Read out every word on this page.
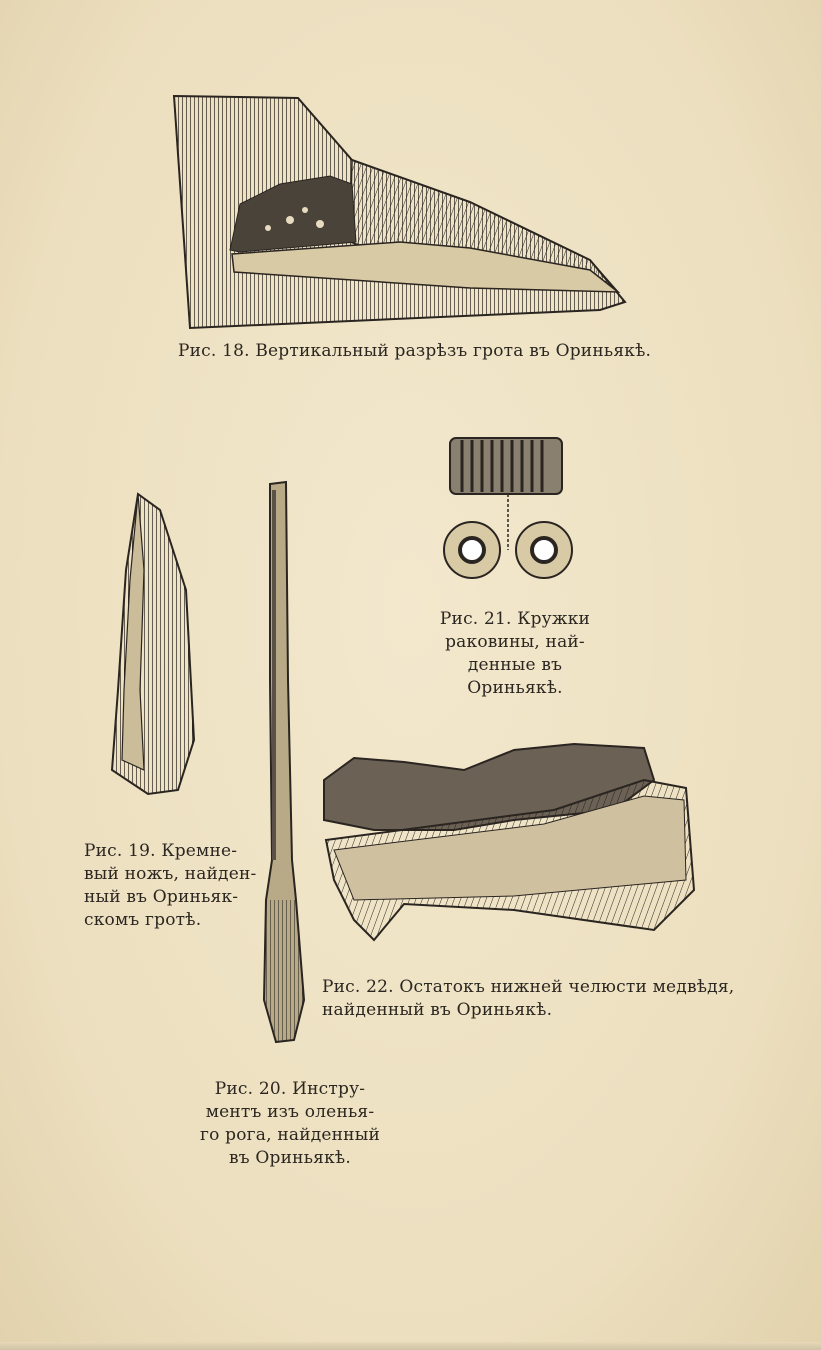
Рис. 18. Вертикальный разрѣзъ грота въ Ориньякѣ.
Рис. 21. Кружки
раковины, най-
денные въ
Ориньякѣ.
Рис. 19. Кремне-
вый ножъ, найден-
ный въ Ориньяк-
скомъ гротѣ.
Рис. 20. Инстру-
ментъ изъ оленья-
го рога, найденный
въ Ориньякѣ.
Рис. 22. Остатокъ нижней челюсти медвѣдя,
найденный въ Ориньякѣ.
